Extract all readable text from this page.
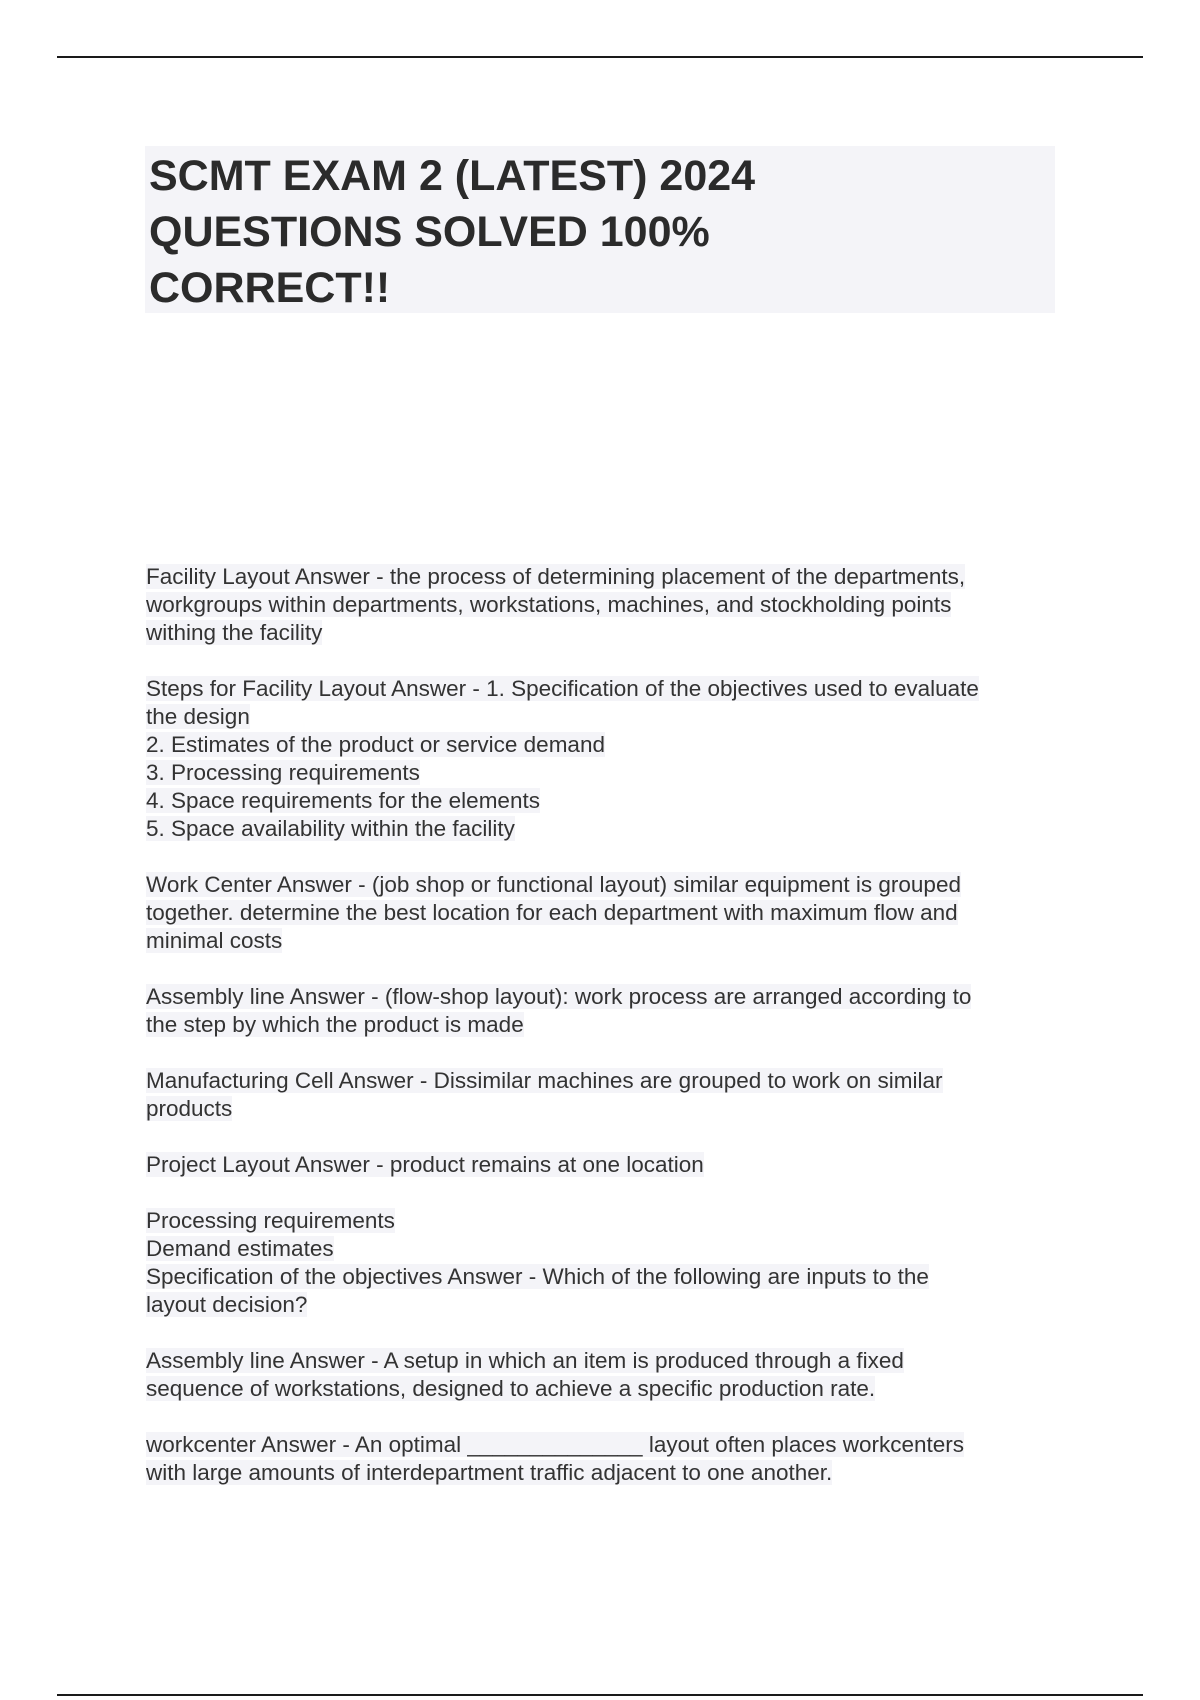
SCMT EXAM 2 (LATEST) 2024
QUESTIONS SOLVED 100%
CORRECT!!
Facility Layout Answer - the process of determining placement of the departments,
workgroups within departments, workstations, machines, and stockholding points
withing the facility
Steps for Facility Layout Answer - 1. Specification of the objectives used to evaluate
the design
2. Estimates of the product or service demand
3. Processing requirements
4. Space requirements for the elements
5. Space availability within the facility
Work Center Answer - (job shop or functional layout) similar equipment is grouped
together. determine the best location for each department with maximum flow and
minimal costs
Assembly line Answer - (flow-shop layout): work process are arranged according to
the step by which the product is made
Manufacturing Cell Answer - Dissimilar machines are grouped to work on similar
products
Project Layout Answer - product remains at one location
Processing requirements
Demand estimates
Specification of the objectives Answer - Which of the following are inputs to the
layout decision?
Assembly line Answer - A setup in which an item is produced through a fixed
sequence of workstations, designed to achieve a specific production rate.
workcenter Answer - An optimal ______________ layout often places workcenters
with large amounts of interdepartment traffic adjacent to one another.
